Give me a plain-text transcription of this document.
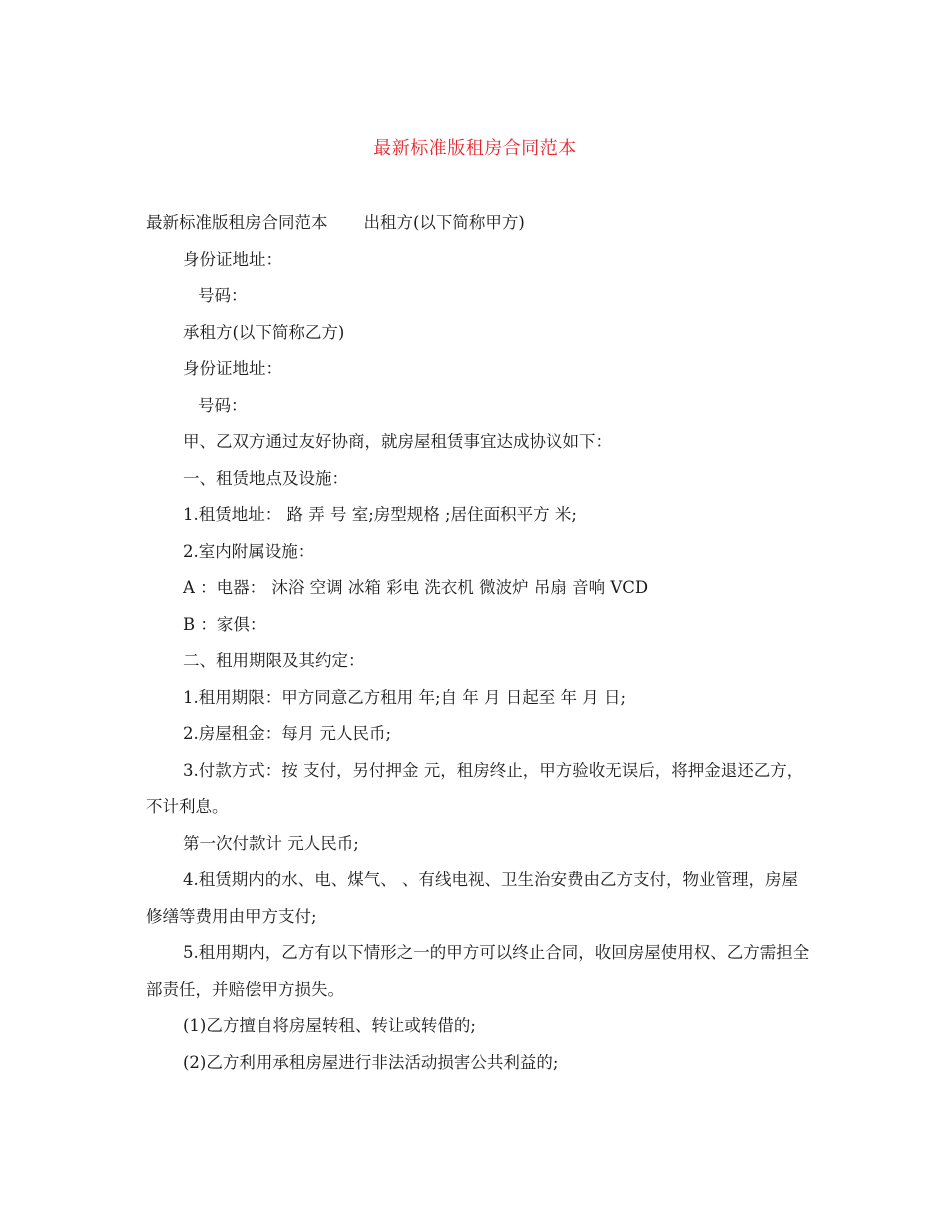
最新标准版租房合同范本

最新标准版租房合同范本 出租方(以下简称甲方)

身份证地址：

号码：

承租方(以下简称乙方)

身份证地址：

号码：

甲、乙双方通过友好协商，就房屋租赁事宜达成协议如下：

一、租赁地点及设施：

1.租赁地址： 路 弄 号 室;房型规格 ;居住面积平方 米;

2.室内附属设施：

A ：电器： 沐浴 空调 冰箱 彩电 洗衣机 微波炉 吊扇 音响 VCD

B ：家俱：

二、租用期限及其约定：

1.租用期限：甲方同意乙方租用 年;自 年 月 日起至 年 月 日;

2.房屋租金：每月 元人民币;

3.付款方式：按 支付，另付押金 元，租房终止，甲方验收无误后，将押金退还乙方，不计利息。

第一次付款计 元人民币;

4.租赁期内的水、电、煤气、 、有线电视、卫生治安费由乙方支付，物业管理，房屋修缮等费用由甲方支付;

5.租用期内，乙方有以下情形之一的甲方可以终止合同，收回房屋使用权、乙方需担全部责任，并赔偿甲方损失。

(1)乙方擅自将房屋转租、转让或转借的;

(2)乙方利用承租房屋进行非法活动损害公共利益的;
